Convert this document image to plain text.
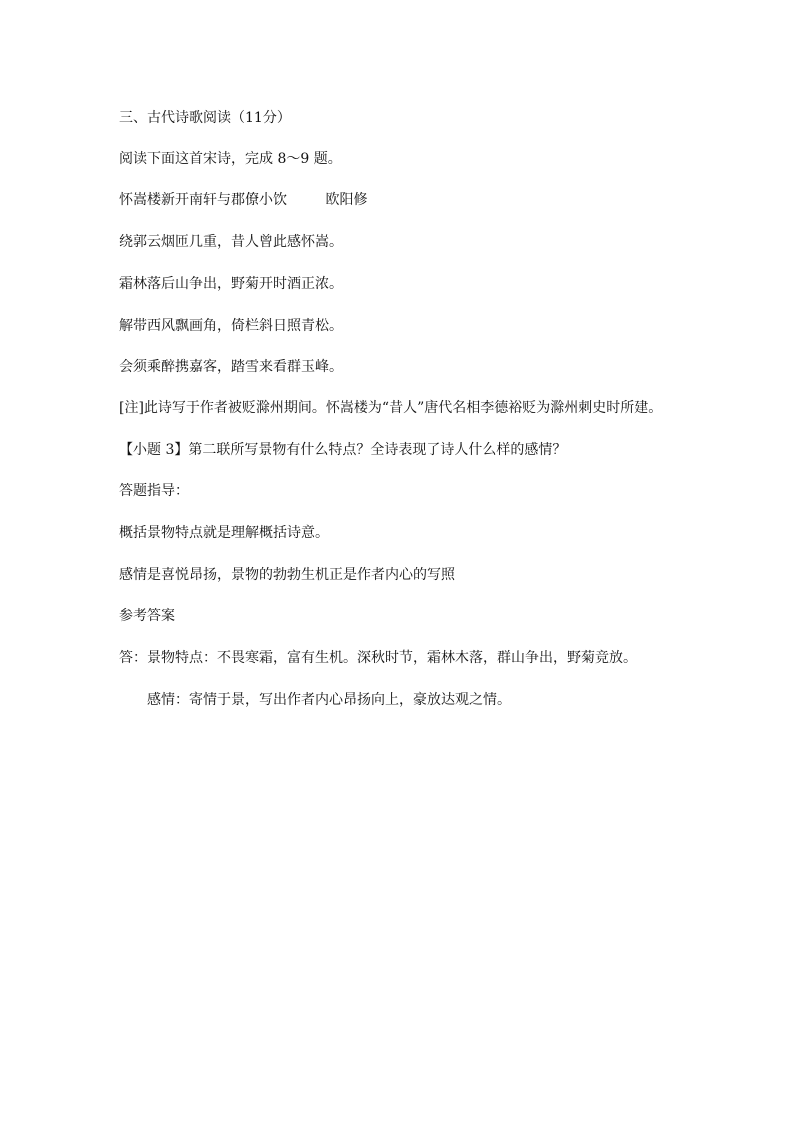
三、古代诗歌阅读（11分）
阅读下面这首宋诗，完成 8～9 题。
怀嵩楼新开南轩与郡僚小饮	欧阳修
绕郭云烟匝几重，昔人曾此感怀嵩。
霜林落后山争出，野菊开时酒正浓。
解带西风飘画角，倚栏斜日照青松。
会须乘醉携嘉客，踏雪来看群玉峰。
[注]此诗写于作者被贬滁州期间。怀嵩楼为“昔人”唐代名相李德裕贬为滁州刺史时所建。
【小题 3】第二联所写景物有什么特点？全诗表现了诗人什么样的感情？
答题指导：
概括景物特点就是理解概括诗意。
感情是喜悦昂扬，景物的勃勃生机正是作者内心的写照
参考答案
答：景物特点：不畏寒霜，富有生机。深秋时节，霜林木落，群山争出，野菊竞放。
感情：寄情于景，写出作者内心昂扬向上，豪放达观之情。
